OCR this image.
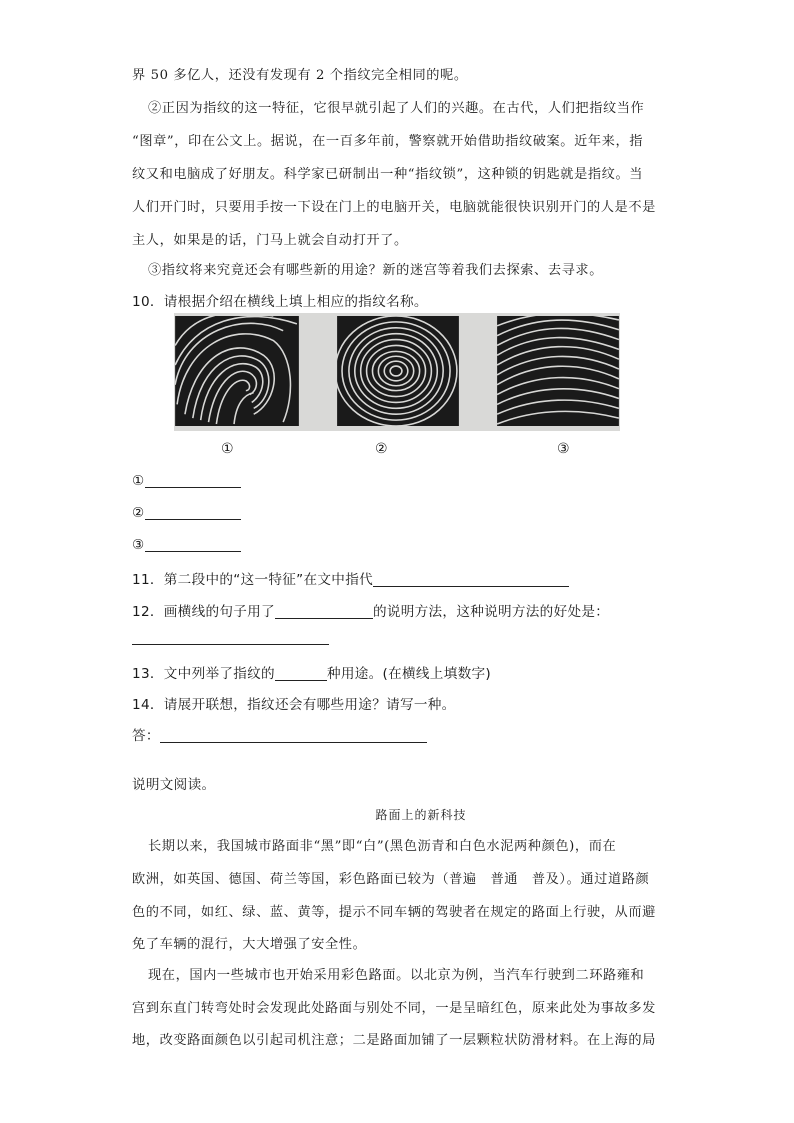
界 50 多亿人，还没有发现有 2 个指纹完全相同的呢。
②正因为指纹的这一特征，它很早就引起了人们的兴趣。在古代，人们把指纹当作
“图章”，印在公文上。据说，在一百多年前，警察就开始借助指纹破案。近年来，指
纹又和电脑成了好朋友。科学家已研制出一种“指纹锁”，这种锁的钥匙就是指纹。当
人们开门时，只要用手按一下设在门上的电脑开关，电脑就能很快识别开门的人是不是
主人，如果是的话，门马上就会自动打开了。
③指纹将来究竟还会有哪些新的用途？新的迷宫等着我们去探索、去寻求。
10．请根据介绍在横线上填上相应的指纹名称。
①	②	③
①
②
③
11．第二段中的“这一特征”在文中指代
12．画横线的句子用了	的说明方法，这种说明方法的好处是：
13．文中列举了指纹的	种用途。(在横线上填数字)
14．请展开联想，指纹还会有哪些用途？请写一种。
答：
说明文阅读。
路面上的新科技
长期以来，我国城市路面非“黑”即“白”(黑色沥青和白色水泥两种颜色)，而在
欧洲，如英国、德国、荷兰等国，彩色路面已较为（普遍　普通　普及）。通过道路颜
色的不同，如红、绿、蓝、黄等，提示不同车辆的驾驶者在规定的路面上行驶，从而避
免了车辆的混行，大大增强了安全性。
现在，国内一些城市也开始采用彩色路面。以北京为例，当汽车行驶到二环路雍和
宫到东直门转弯处时会发现此处路面与别处不同，一是呈暗红色，原来此处为事故多发
地，改变路面颜色以引起司机注意；二是路面加铺了一层颗粒状防滑材料。在上海的局
